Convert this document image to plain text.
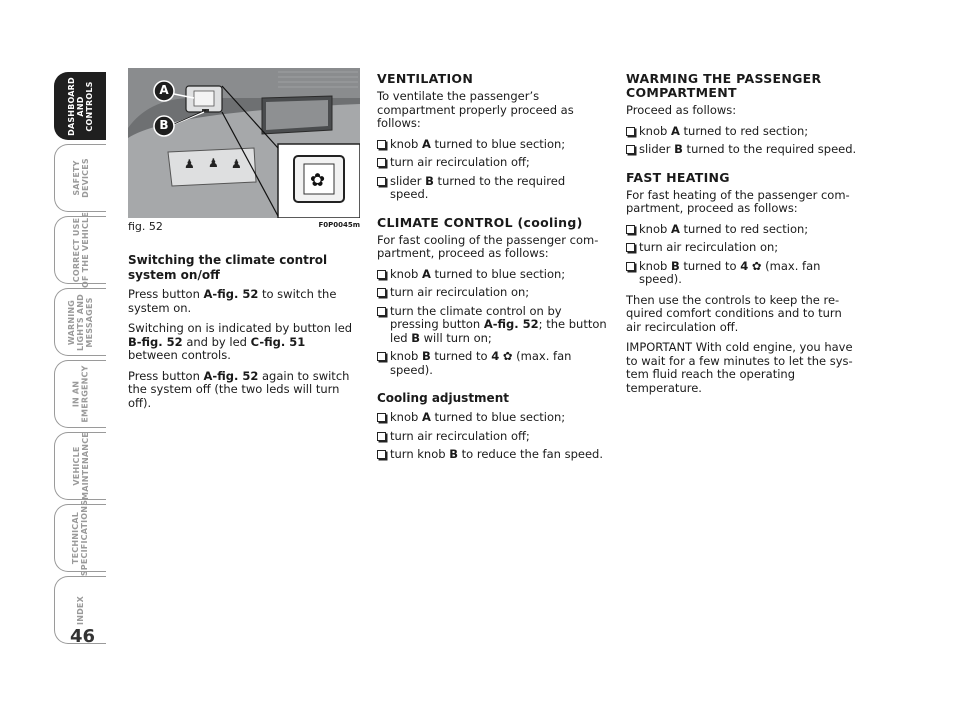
DASHBOARD
AND
CONTROLS
SAFETY
DEVICES
CORRECT USE
OF THE VEHICLE
WARNING
LIGHTS AND
MESSAGES
IN AN
EMERGENCY
VEHICLE
MAINTENANCE
TECHNICAL
SPECIFICATIONS
INDEX
46
♟ ♟ ♟
✿
A
B
fig. 52	F0P0045m
Switching the climate control system on/off

Press button A-fig. 52 to switch the system on.

Switching on is indicated by button led B-fig. 52 and by led C-fig. 51 between controls.

Press button A-fig. 52 again to switch the system off (the two leds will turn off).

VENTILATION

To ventilate the passenger’s compartment properly proceed as follows:

knob A turned to blue section;
turn air recirculation off;
slider B turned to the required speed.
CLIMATE CONTROL (cooling)

For fast cooling of the passenger compartment, proceed as follows:

knob A turned to blue section;
turn air recirculation on;
turn the climate control on by pressing button A-fig. 52; the button led B will turn on;
knob B turned to 4 ✿ (max. fan speed).
Cooling adjustment
knob A turned to blue section;
turn air recirculation off;
turn knob B to reduce the fan speed.
WARMING THE PASSENGER COMPARTMENT

Proceed as follows:

knob A turned to red section;
slider B turned to the required speed.
FAST HEATING

For fast heating of the passenger compartment, proceed as follows:

knob A turned to red section;
turn air recirculation on;
knob B turned to 4 ✿ (max. fan speed).

Then use the controls to keep the required comfort conditions and to turn air recirculation off.

IMPORTANT With cold engine, you have to wait for a few minutes to let the system fluid reach the operating temperature.
